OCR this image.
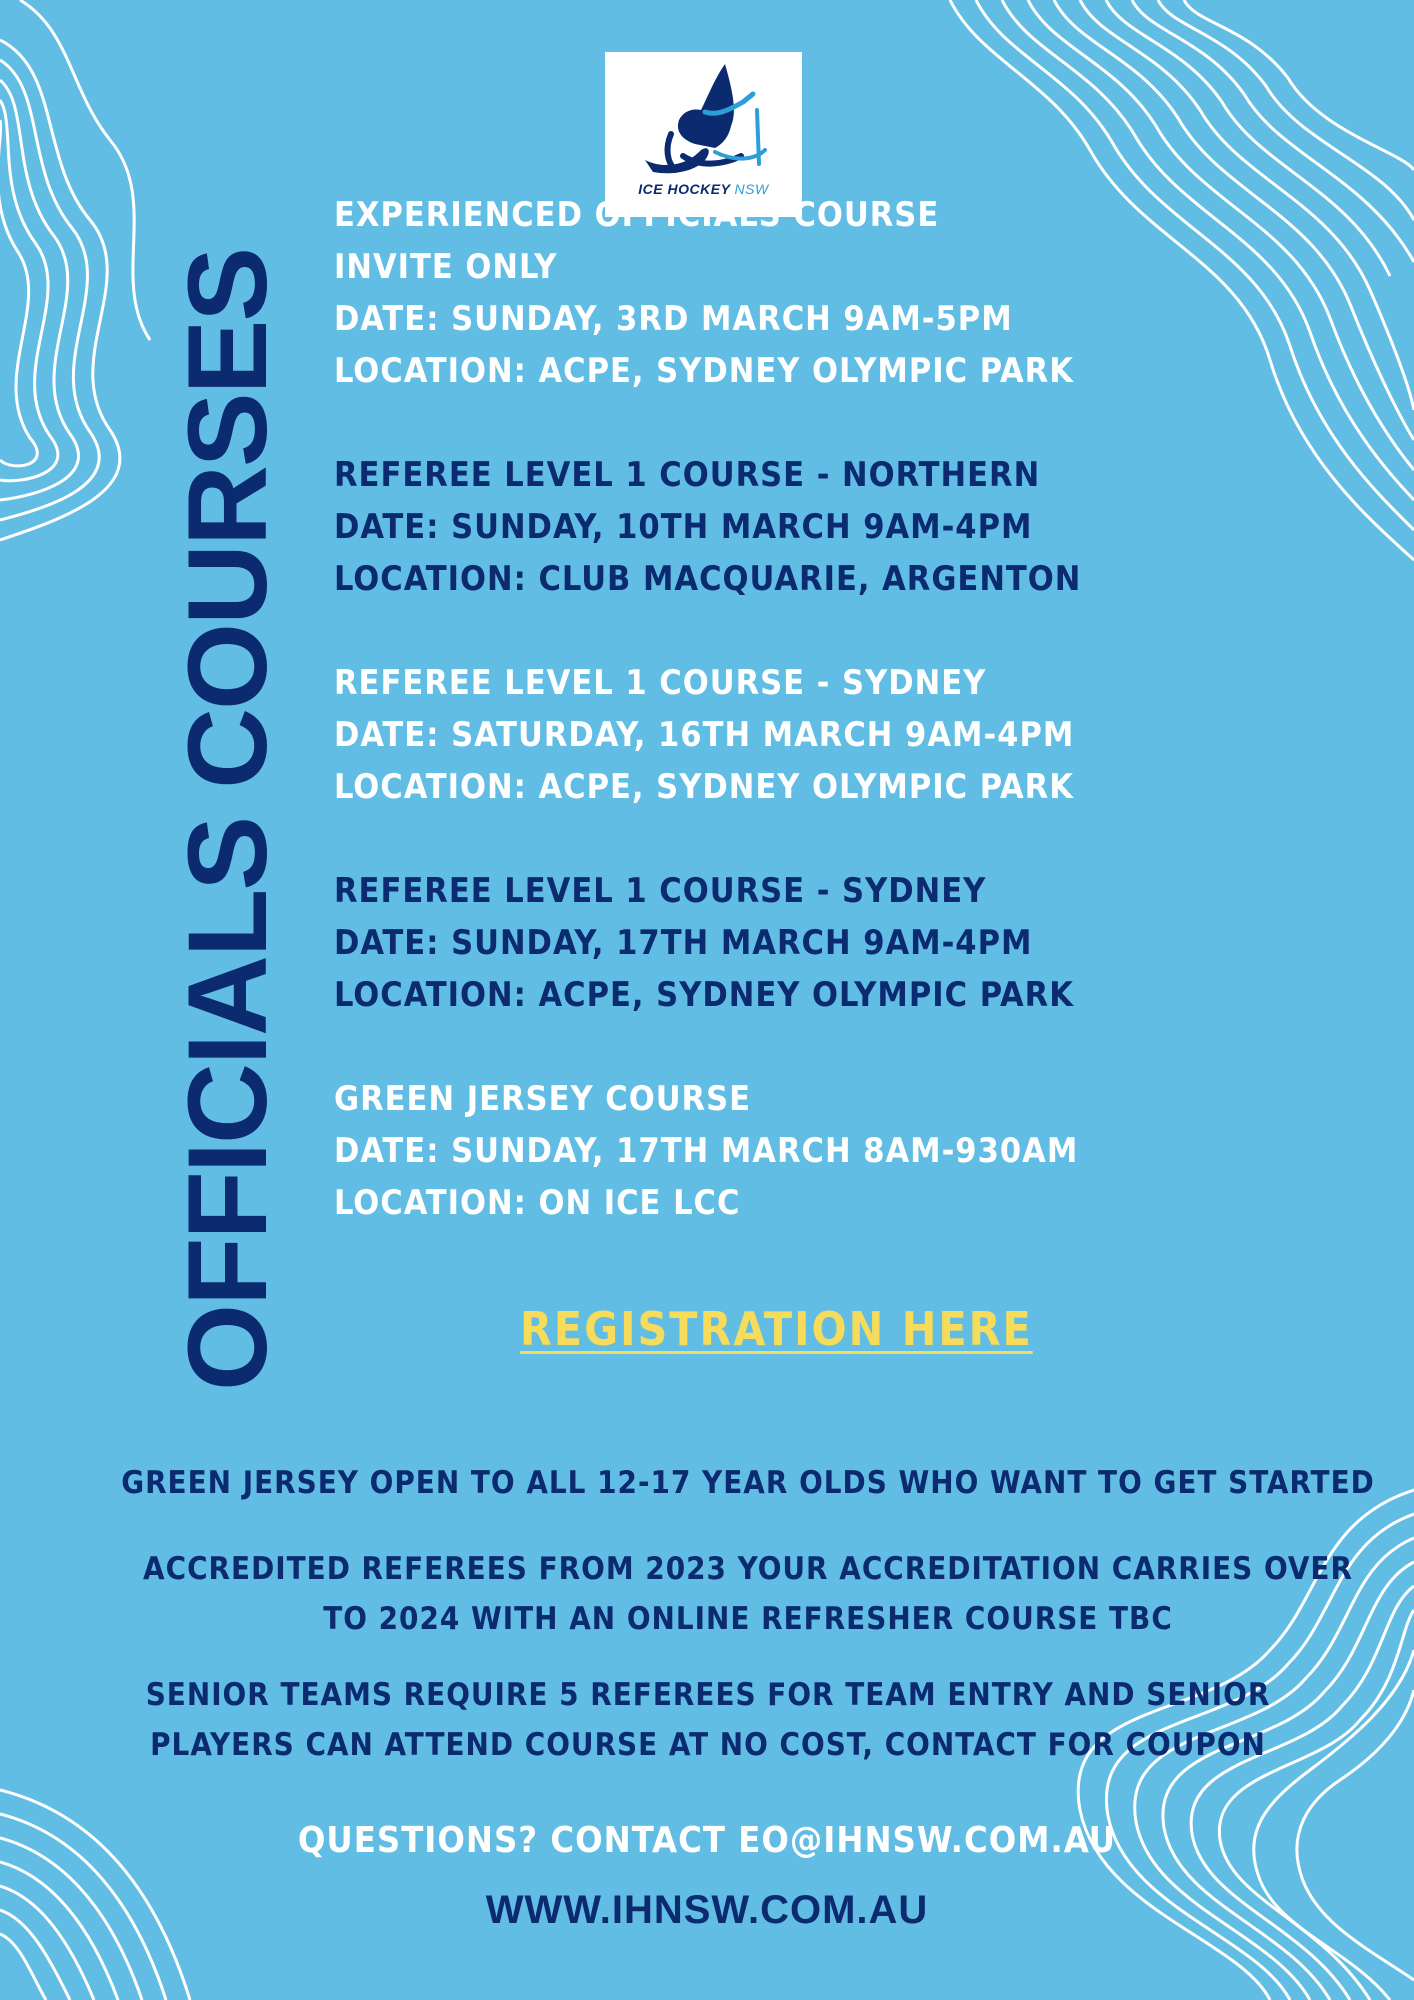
ICE HOCKEY NSW
OFFICIALS COURSES
EXPERIENCED OFFICIALS COURSE
INVITE ONLY
DATE: SUNDAY, 3RD MARCH 9AM-5PM
LOCATION: ACPE, SYDNEY OLYMPIC PARK
REFEREE LEVEL 1 COURSE - NORTHERN
DATE: SUNDAY, 10TH MARCH 9AM-4PM
LOCATION: CLUB MACQUARIE, ARGENTON
REFEREE LEVEL 1 COURSE - SYDNEY
DATE: SATURDAY, 16TH MARCH 9AM-4PM
LOCATION: ACPE, SYDNEY OLYMPIC PARK
REFEREE LEVEL 1 COURSE - SYDNEY
DATE: SUNDAY, 17TH MARCH 9AM-4PM
LOCATION: ACPE, SYDNEY OLYMPIC PARK
GREEN JERSEY COURSE
DATE: SUNDAY, 17TH MARCH 8AM-930AM
LOCATION: ON ICE LCC
REGISTRATION HERE
GREEN JERSEY OPEN TO ALL 12-17 YEAR OLDS WHO WANT TO GET STARTED
ACCREDITED REFEREES FROM 2023 YOUR ACCREDITATION CARRIES OVER
TO 2024 WITH AN ONLINE REFRESHER COURSE TBC
SENIOR TEAMS REQUIRE 5 REFEREES FOR TEAM ENTRY AND SENIOR
PLAYERS CAN ATTEND COURSE AT NO COST, CONTACT FOR COUPON
QUESTIONS? CONTACT EO@IHNSW.COM.AU
WWW.IHNSW.COM.AU
